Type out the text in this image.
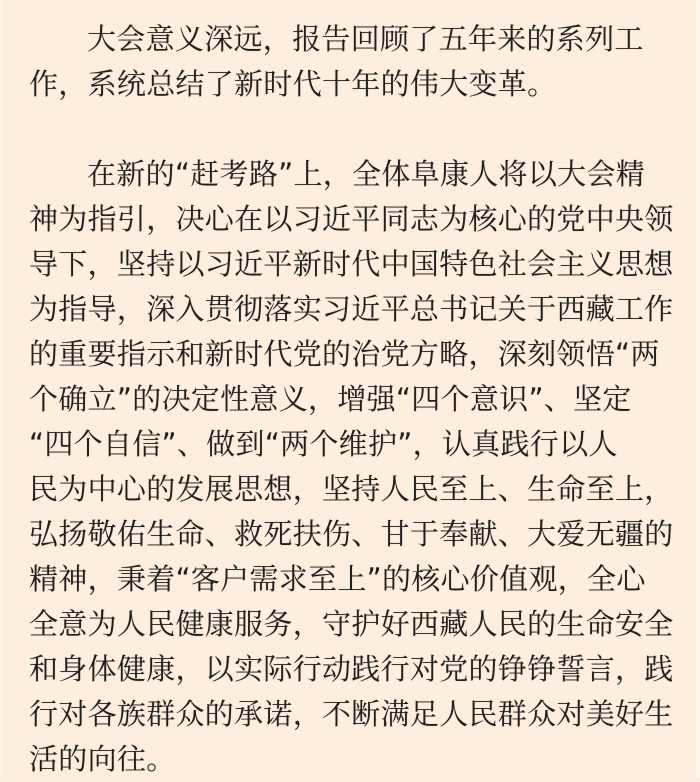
大会意义深远，报告回顾了五年来的系列工
作，系统总结了新时代十年的伟大变革。
在新的“赶考路”上，全体阜康人将以大会精
神为指引，决心在以习近平同志为核心的党中央领
导下，坚持以习近平新时代中国特色社会主义思想
为指导，深入贯彻落实习近平总书记关于西藏工作
的重要指示和新时代党的治党方略，深刻领悟“两
个确立”的决定性意义，增强“四个意识”、坚定
“四个自信”、做到“两个维护”，认真践行以人
民为中心的发展思想，坚持人民至上、生命至上，
弘扬敬佑生命、救死扶伤、甘于奉献、大爱无疆的
精神，秉着“客户需求至上”的核心价值观，全心
全意为人民健康服务，守护好西藏人民的生命安全
和身体健康，以实际行动践行对党的铮铮誓言，践
行对各族群众的承诺，不断满足人民群众对美好生
活的向往。
